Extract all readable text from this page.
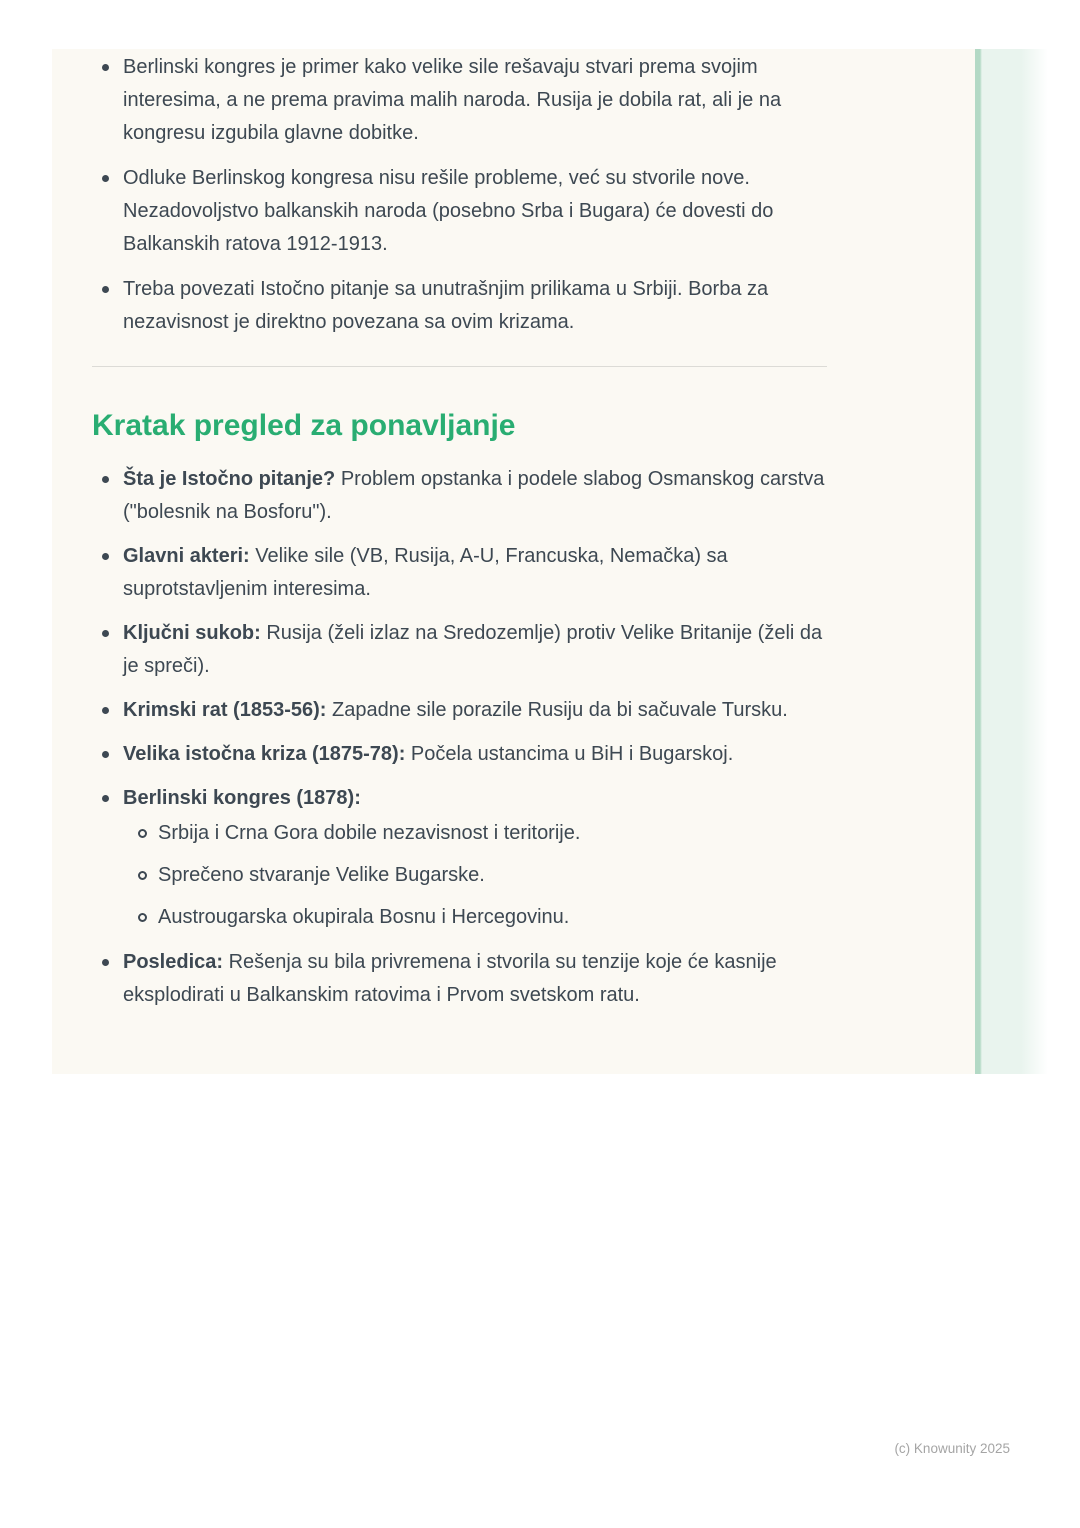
Berlinski kongres je primer kako velike sile rešavaju stvari prema svojim interesima, a ne prema pravima malih naroda. Rusija je dobila rat, ali je na kongresu izgubila glavne dobitke.
Odluke Berlinskog kongresa nisu rešile probleme, već su stvorile nove. Nezadovoljstvo balkanskih naroda (posebno Srba i Bugara) će dovesti do Balkanskih ratova 1912-1913.
Treba povezati Istočno pitanje sa unutrašnjim prilikama u Srbiji. Borba za nezavisnost je direktno povezana sa ovim krizama.
Kratak pregled za ponavljanje
Šta je Istočno pitanje? Problem opstanka i podele slabog Osmanskog carstva ("bolesnik na Bosforu").
Glavni akteri: Velike sile (VB, Rusija, A-U, Francuska, Nemačka) sa suprotstavljenim interesima.
Ključni sukob: Rusija (želi izlaz na Sredozemlje) protiv Velike Britanije (želi da je spreči).
Krimski rat (1853-56): Zapadne sile porazile Rusiju da bi sačuvale Tursku.
Velika istočna kriza (1875-78): Počela ustancima u BiH i Bugarskoj.
Berlinski kongres (1878):
Srbija i Crna Gora dobile nezavisnost i teritorije.
Sprečeno stvaranje Velike Bugarske.
Austrougarska okupirala Bosnu i Hercegovinu.
Posledica: Rešenja su bila privremena i stvorila su tenzije koje će kasnije eksplodirati u Balkanskim ratovima i Prvom svetskom ratu.
(c) Knowunity 2025
